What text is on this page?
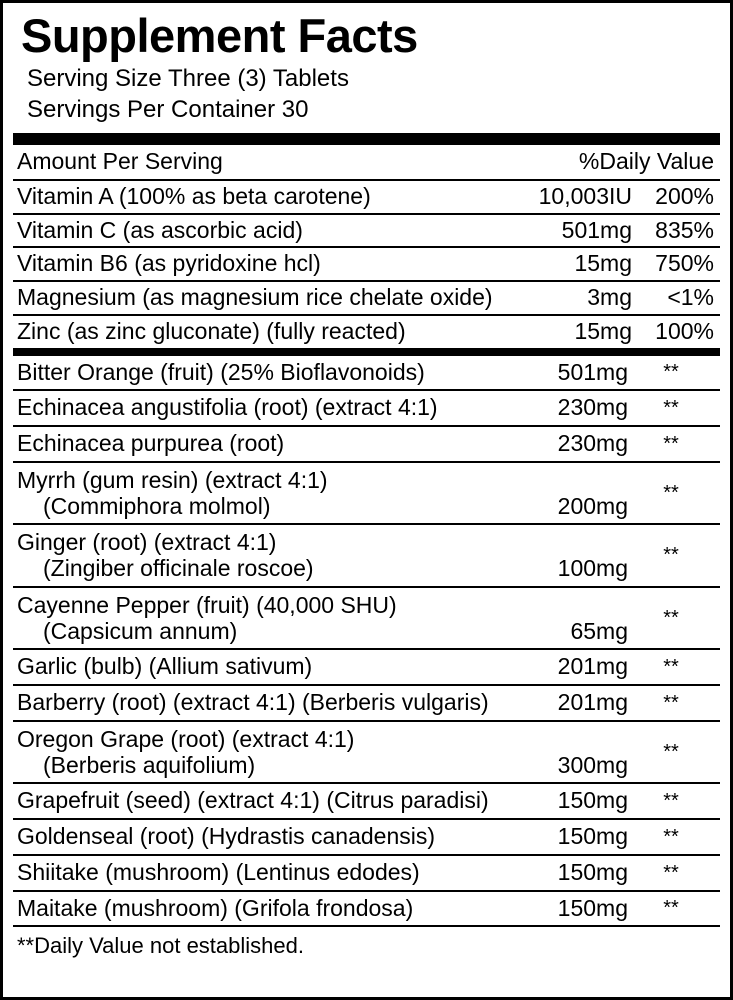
Supplement Facts
Serving Size Three (3) Tablets
Servings Per Container 30
Amount Per Serving	%Daily Value
Vitamin A (100% as beta carotene)	10,003IU	200%
Vitamin C (as ascorbic acid)	501mg	835%
Vitamin B6 (as pyridoxine hcl)	15mg	750%
Magnesium (as magnesium rice chelate oxide)	3mg	<1%
Zinc (as zinc gluconate) (fully reacted)	15mg	100%
Bitter Orange (fruit) (25% Bioflavonoids)	501mg	**
Echinacea angustifolia (root) (extract 4:1)	230mg	**
Echinacea purpurea (root)	230mg	**

Myrrh (gum resin) (extract 4:1)
(Commiphora molmol)	200mg	**

Ginger (root) (extract 4:1)
(Zingiber officinale roscoe)	100mg	**

Cayenne Pepper (fruit) (40,000 SHU)
(Capsicum annum)	65mg	**
Garlic (bulb) (Allium sativum)	201mg	**
Barberry (root) (extract 4:1) (Berberis vulgaris)	201mg	**

Oregon Grape (root) (extract 4:1)
(Berberis aquifolium)	300mg	**
Grapefruit (seed) (extract 4:1) (Citrus paradisi)	150mg	**
Goldenseal (root) (Hydrastis canadensis)	150mg	**
Shiitake (mushroom) (Lentinus edodes)	150mg	**
Maitake (mushroom) (Grifola frondosa)	150mg	**
**Daily Value not established.
